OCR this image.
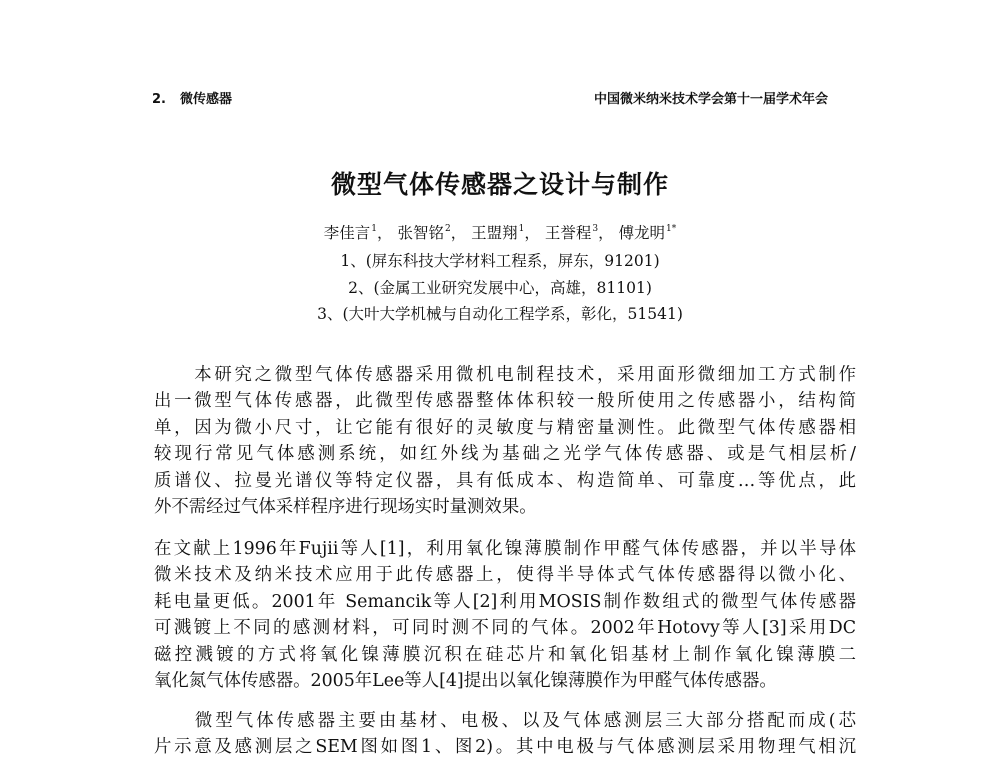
2. 微传感器	中国微米纳米技术学会第十一届学术年会
微型气体传感器之设计与制作
李佳言$^1$， 张智铭$^2$， 王盟翔$^1$， 王誉程$^3$， 傅龙明$^{1*}$
1、(屏东科技大学材料工程系，屏东，91201)
2、(金属工业研究发展中心，高雄，81101)
3、(大叶大学机械与自动化工程学系，彰化，51541)
　　本研究之微型气体传感器采用微机电制程技术，采用面形微细加工方式制作
出一微型气体传感器，此微型传感器整体体积较一般所使用之传感器小，结构简
单，因为微小尺寸，让它能有很好的灵敏度与精密量测性。此微型气体传感器相
较现行常见气体感测系统，如红外线为基础之光学气体传感器、或是气相层析/
质谱仪、拉曼光谱仪等特定仪器，具有低成本、构造简单、可靠度…等优点，此
外不需经过气体采样程序进行现场实时量测效果。
在文献上1996年Fujii等人[1]，利用氧化镍薄膜制作甲醛气体传感器，并以半导体
微米技术及纳米技术应用于此传感器上，使得半导体式气体传感器得以微小化、
耗电量更低。2001年 Semancik等人[2]利用MOSIS制作数组式的微型气体传感器
可溅镀上不同的感测材料，可同时测不同的气体。2002年Hotovy等人[3]采用DC
磁控溅镀的方式将氧化镍薄膜沉积在硅芯片和氧化铝基材上制作氧化镍薄膜二
氧化氮气体传感器。2005年Lee等人[4]提出以氧化镍薄膜作为甲醛气体传感器。
　　微型气体传感器主要由基材、电极、以及气体感测层三大部分搭配而成(芯
片示意及感测层之SEM图如图1、图2)。其中电极与气体感测层采用物理气相沉
